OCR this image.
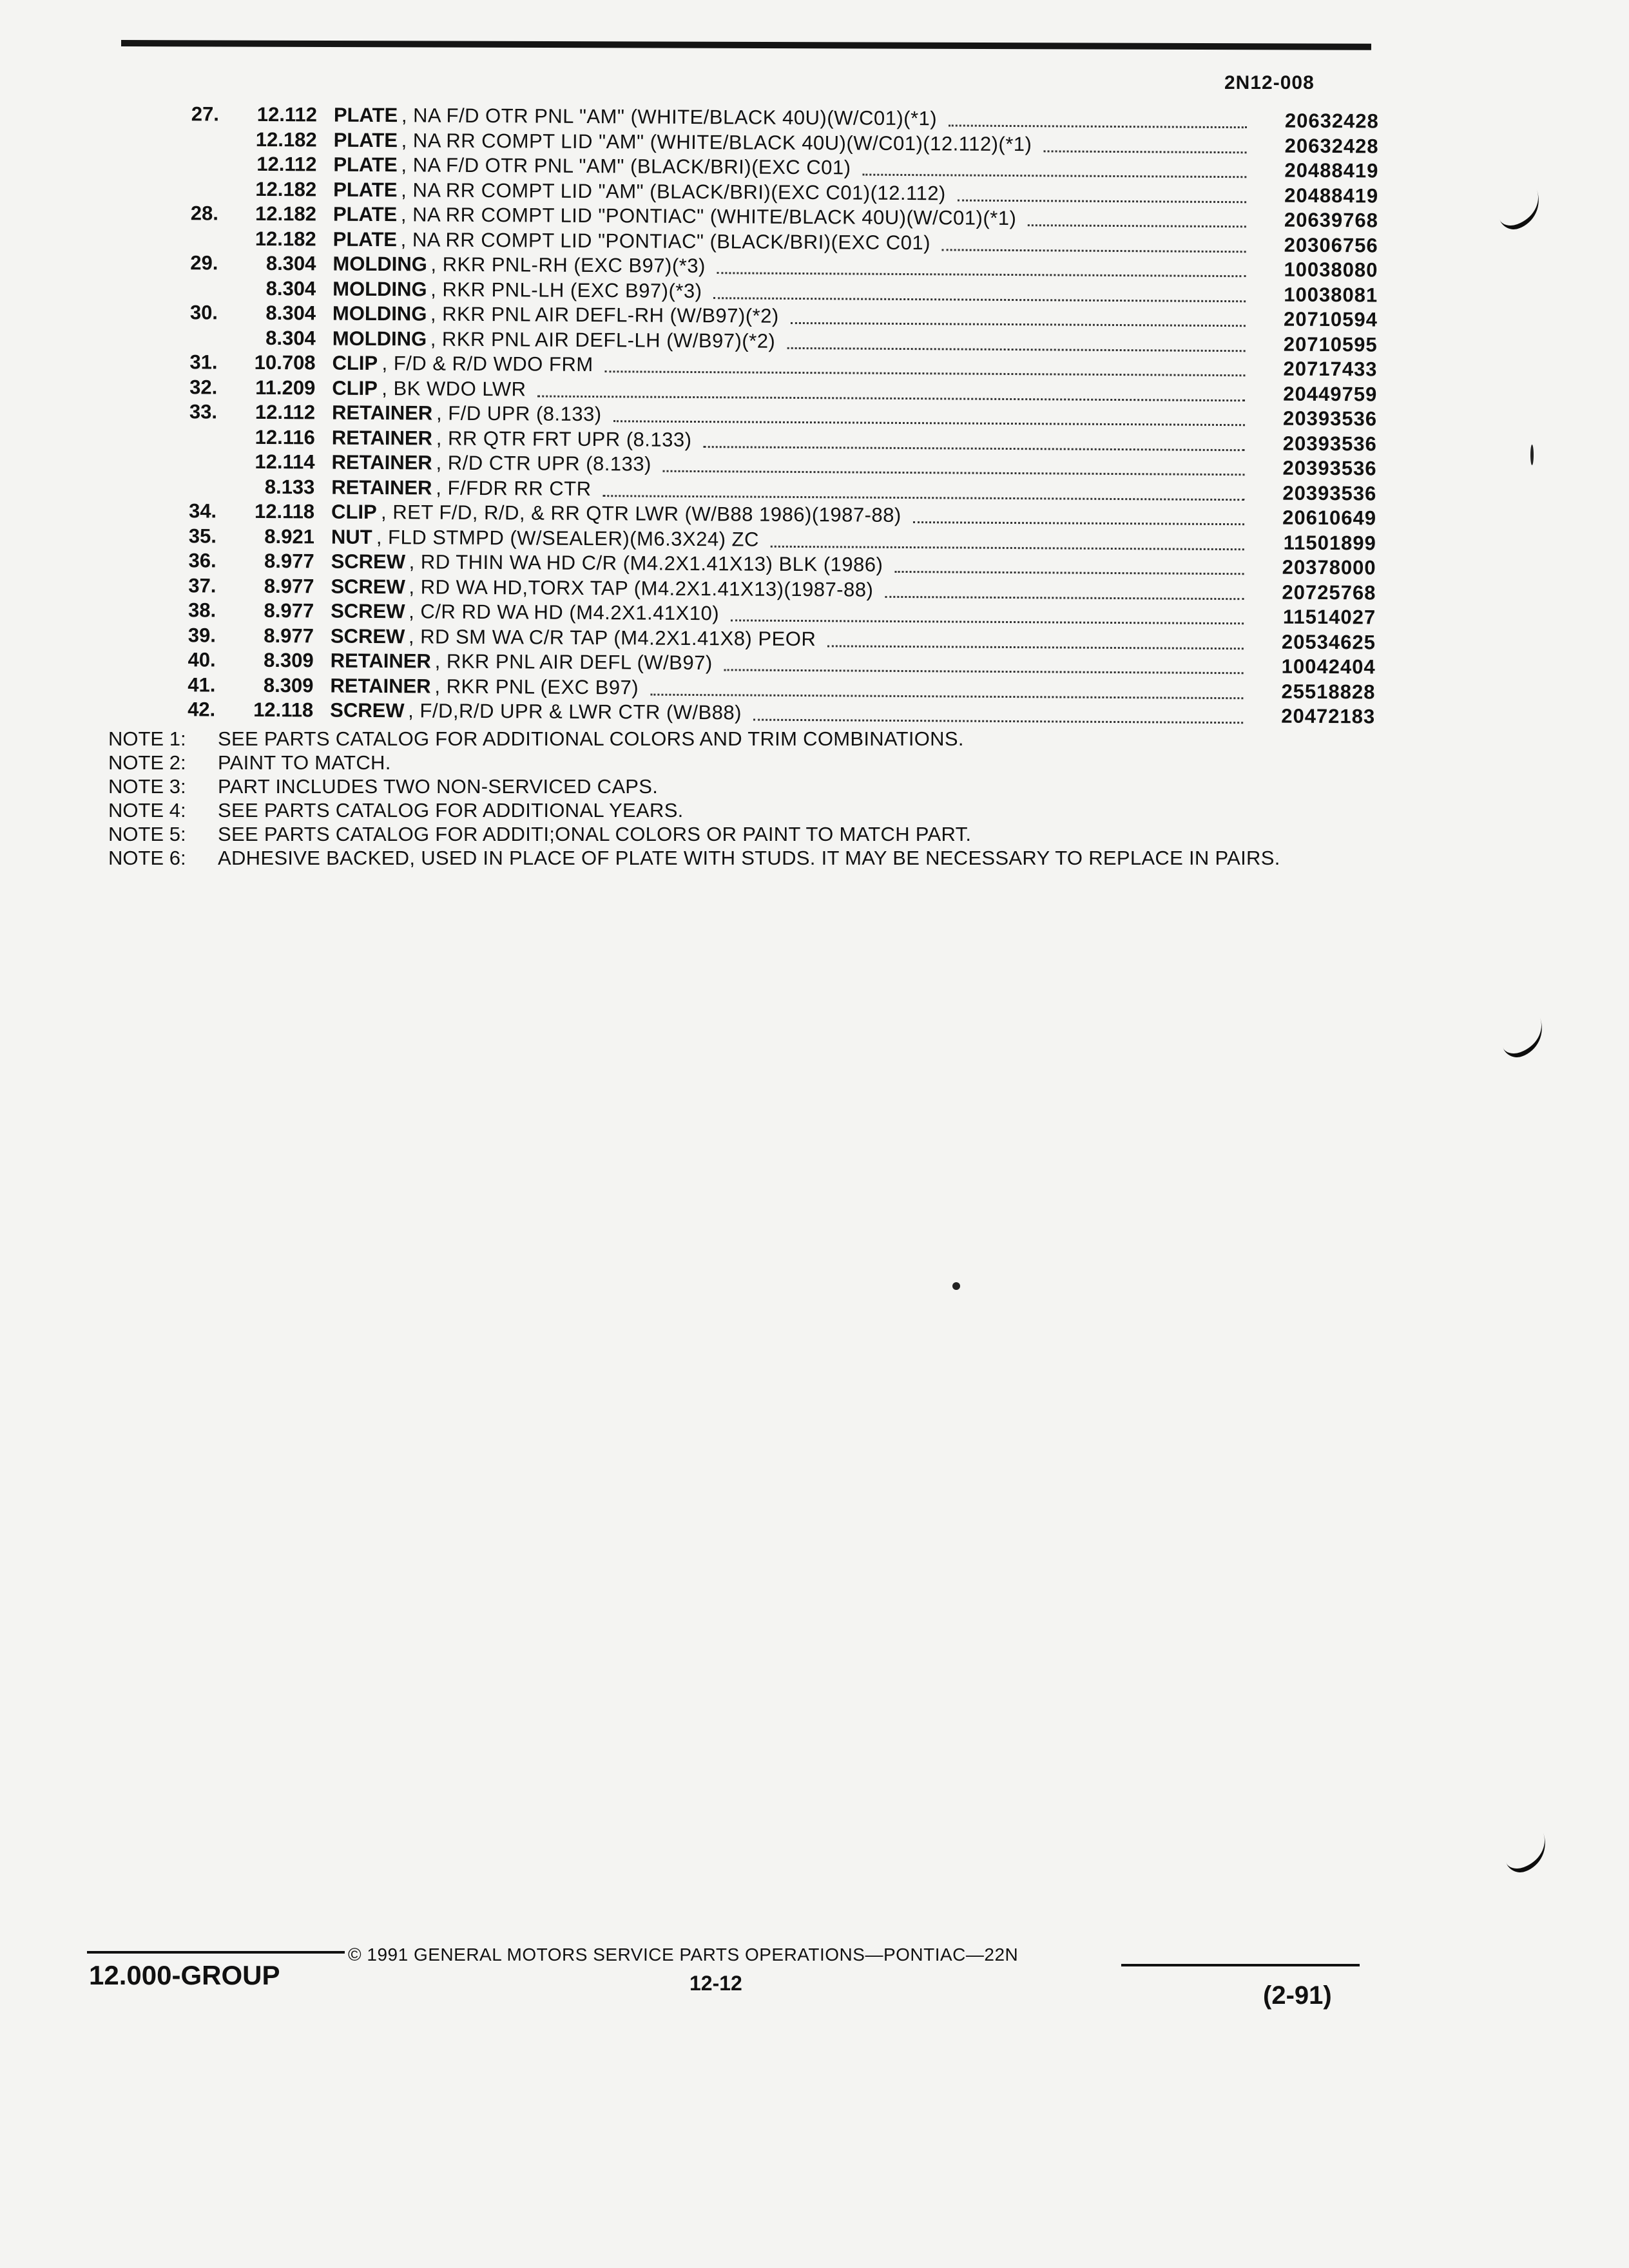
2N12-008
27.	12.112 PLATE , NA F/D OTR PNL "AM" (WHITE/BLACK 40U)(W/C01)(*1)	20632428
12.182 PLATE , NA RR COMPT LID "AM" (WHITE/BLACK 40U)(W/C01)(12.112)(*1)	20632428
12.112 PLATE , NA F/D OTR PNL "AM" (BLACK/BRI)(EXC C01)	20488419
12.182 PLATE , NA RR COMPT LID "AM" (BLACK/BRI)(EXC C01)(12.112)	20488419
28.	12.182 PLATE , NA RR COMPT LID "PONTIAC" (WHITE/BLACK 40U)(W/C01)(*1)	20639768
12.182 PLATE , NA RR COMPT LID "PONTIAC" (BLACK/BRI)(EXC C01)	20306756
29.	8.304 MOLDING , RKR PNL-RH (EXC B97)(*3)	10038080
8.304 MOLDING , RKR PNL-LH (EXC B97)(*3)	10038081
30.	8.304 MOLDING , RKR PNL AIR DEFL-RH (W/B97)(*2)	20710594
8.304 MOLDING , RKR PNL AIR DEFL-LH (W/B97)(*2)	20710595
31.	10.708 CLIP , F/D & R/D WDO FRM	20717433
32.	11.209 CLIP , BK WDO LWR	20449759
33.	12.112 RETAINER , F/D UPR (8.133)	20393536
12.116 RETAINER , RR QTR FRT UPR (8.133)	20393536
12.114 RETAINER , R/D CTR UPR (8.133)	20393536
8.133 RETAINER , F/FDR RR CTR	20393536
34.	12.118 CLIP , RET F/D, R/D, & RR QTR LWR (W/B88 1986)(1987-88)	20610649
35.	8.921 NUT , FLD STMPD (W/SEALER)(M6.3X24) ZC	11501899
36.	8.977 SCREW , RD THIN WA HD C/R (M4.2X1.41X13) BLK (1986)	20378000
37.	8.977 SCREW , RD WA HD,TORX TAP (M4.2X1.41X13)(1987-88)	20725768
38.	8.977 SCREW , C/R RD WA HD (M4.2X1.41X10)	11514027
39.	8.977 SCREW , RD SM WA C/R TAP (M4.2X1.41X8) PEOR	20534625
40.	8.309 RETAINER , RKR PNL AIR DEFL (W/B97)	10042404
41.	8.309 RETAINER , RKR PNL (EXC B97)	25518828
42.	12.118 SCREW , F/D,R/D UPR & LWR CTR (W/B88)	20472183
NOTE 1:	SEE PARTS CATALOG FOR ADDITIONAL COLORS AND TRIM COMBINATIONS.
NOTE 2:	PAINT TO MATCH.
NOTE 3:	PART INCLUDES TWO NON-SERVICED CAPS.
NOTE 4:	SEE PARTS CATALOG FOR ADDITIONAL YEARS.
NOTE 5:	SEE PARTS CATALOG FOR ADDITI;ONAL COLORS OR PAINT TO MATCH PART.
NOTE 6:	ADHESIVE BACKED, USED IN PLACE OF PLATE WITH STUDS. IT MAY BE NECESSARY TO REPLACE IN PAIRS.
12.000-GROUP
© 1991 GENERAL MOTORS SERVICE PARTS OPERATIONS—PONTIAC—22N
12-12	(2-91)
